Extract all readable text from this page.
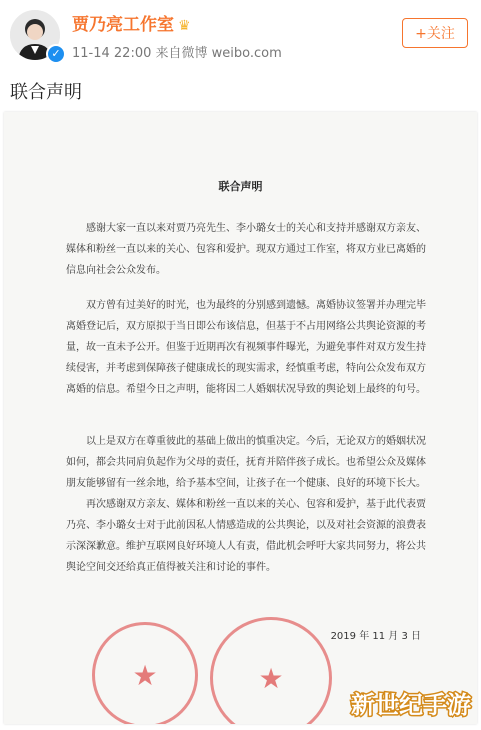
✓
贾乃亮工作室 ♛
11-14 22:00 来自微博 weibo.com
+关注
联合声明
联合声明
感谢大家一直以来对贾乃亮先生、李小璐女士的关心和支持并感谢双方亲友、媒体和粉丝一直以来的关心、包容和爱护。现双方通过工作室，将双方业已离婚的信息向社会公众发布。
双方曾有过美好的时光，也为最终的分别感到遗憾。离婚协议签署并办理完毕离婚登记后，双方原拟于当日即公布该信息，但基于不占用网络公共舆论资源的考量，故一直未予公开。但鉴于近期再次有视频事件曝光，为避免事件对双方发生持续侵害，并考虑到保障孩子健康成长的现实需求，经慎重考虑，特向公众发布双方离婚的信息。希望今日之声明，能将因二人婚姻状况导致的舆论划上最终的句号。
以上是双方在尊重彼此的基础上做出的慎重决定。今后，无论双方的婚姻状况如何，都会共同肩负起作为父母的责任，抚育并陪伴孩子成长。也希望公众及媒体朋友能够留有一丝余地，给予基本空间，让孩子在一个健康、良好的环境下长大。
再次感谢双方亲友、媒体和粉丝一直以来的关心、包容和爱护，基于此代表贾乃亮、李小璐女士对于此前因私人情感造成的公共舆论，以及对社会资源的浪费表示深深歉意。维护互联网良好环境人人有责，借此机会呼吁大家共同努力，将公共舆论空间交还给真正值得被关注和讨论的事件。
2019 年 11 月 3 日
★	★
新世纪手游
